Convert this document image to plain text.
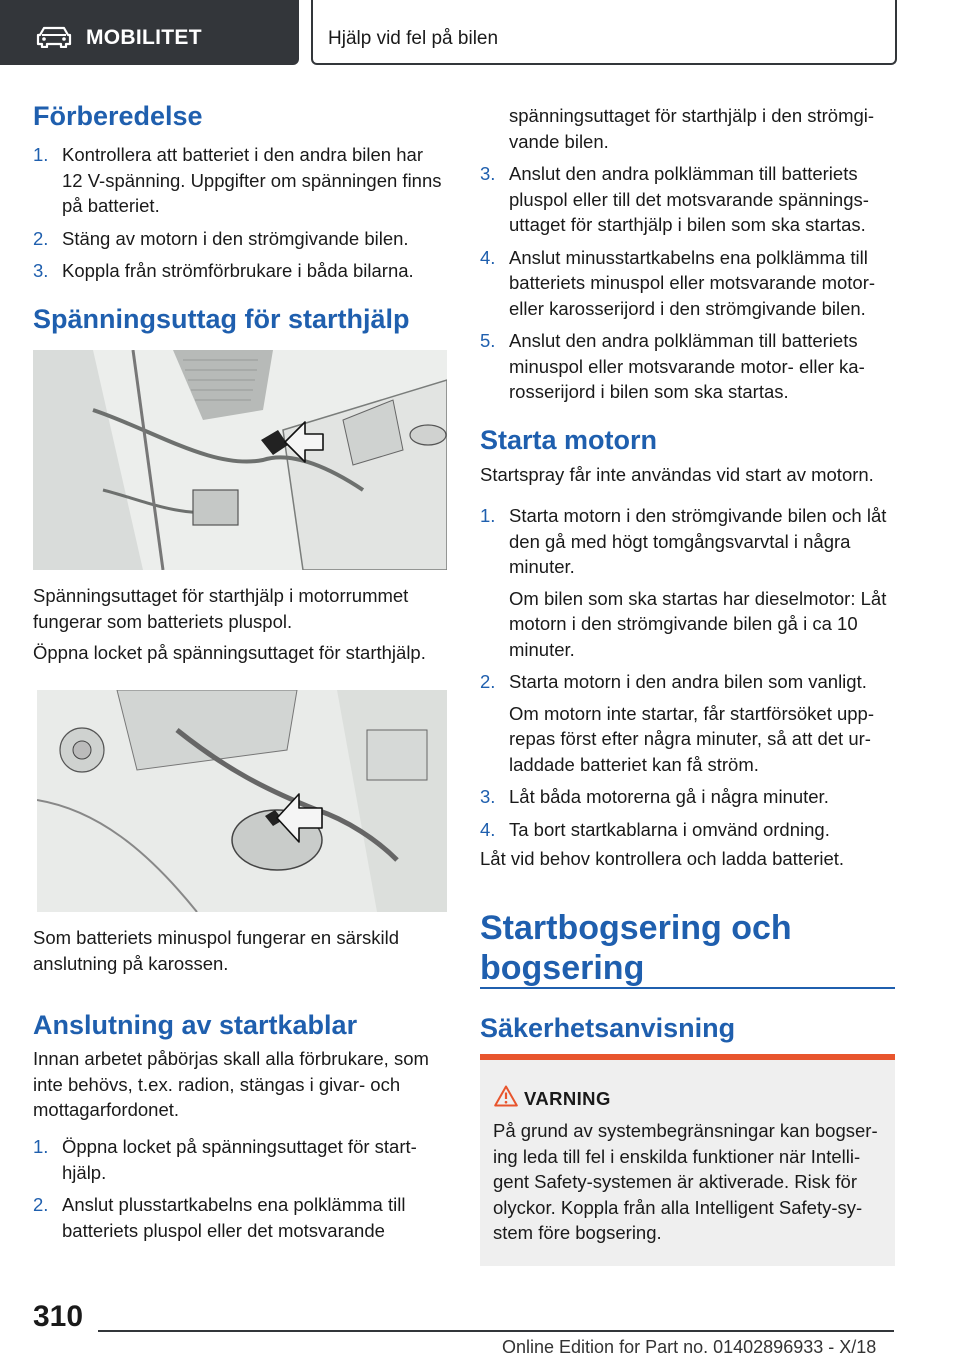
MOBILITET	Hjälp vid fel på bilen
Förberedelse
1. Kontrollera att batteriet i den andra bilen har 12 V-spänning. Uppgifter om spänningen finns på batteriet.
2. Stäng av motorn i den strömgivande bilen.
3. Koppla från strömförbrukare i båda bilarna.
Spänningsuttag för starthjälp

Spänningsuttaget för starthjälp i motorrummet fungerar som batteriets pluspol.

Öppna locket på spänningsuttaget för starthjälp.

Som batteriets minuspol fungerar en särskild anslutning på karossen.

Anslutning av startkablar

Innan arbetet påbörjas skall alla förbrukare, som inte behövs, t.ex. radion, stängas i givar- och mottagarfordonet.

1. Öppna locket på spänningsuttaget för start-hjälp.
2. Anslut plusstartkabelns ena polklämma till batteriets pluspol eller det motsvarande

spänningsuttaget för starthjälp i den strömgi-vande bilen.

3. Anslut den andra polklämman till batteriets pluspol eller till det motsvarande spännings-uttaget för starthjälp i bilen som ska startas.
4. Anslut minusstartkabelns ena polklämma till batteriets minuspol eller motsvarande motor- eller karosserijord i den strömgivande bilen.
5. Anslut den andra polklämman till batteriets minuspol eller motsvarande motor- eller ka-rosserijord i bilen som ska startas.
Starta motorn

Startspray får inte användas vid start av motorn.

1. Starta motorn i den strömgivande bilen och låt den gå med högt tomgångsvarvtal i några minuter.
Om bilen som ska startas har dieselmotor: Låt motorn i den strömgivande bilen gå i ca 10 minuter.
2. Starta motorn i den andra bilen som vanligt.
Om motorn inte startar, får startförsöket upp-repas först efter några minuter, så att det ur-laddade batteriet kan få ström.
3. Låt båda motorerna gå i några minuter.
4. Ta bort startkablarna i omvänd ordning.

Låt vid behov kontrollera och ladda batteriet.

Startbogsering och bogsering
Säkerhetsanvisning
VARNING

På grund av systembegränsningar kan bogser-ing leda till fel i enskilda funktioner när Intelli-gent Safety-systemen är aktiverade. Risk för olyckor. Koppla från alla Intelligent Safety-sy-stem före bogsering.

310
Online Edition for Part no. 01402896933 - X/18
